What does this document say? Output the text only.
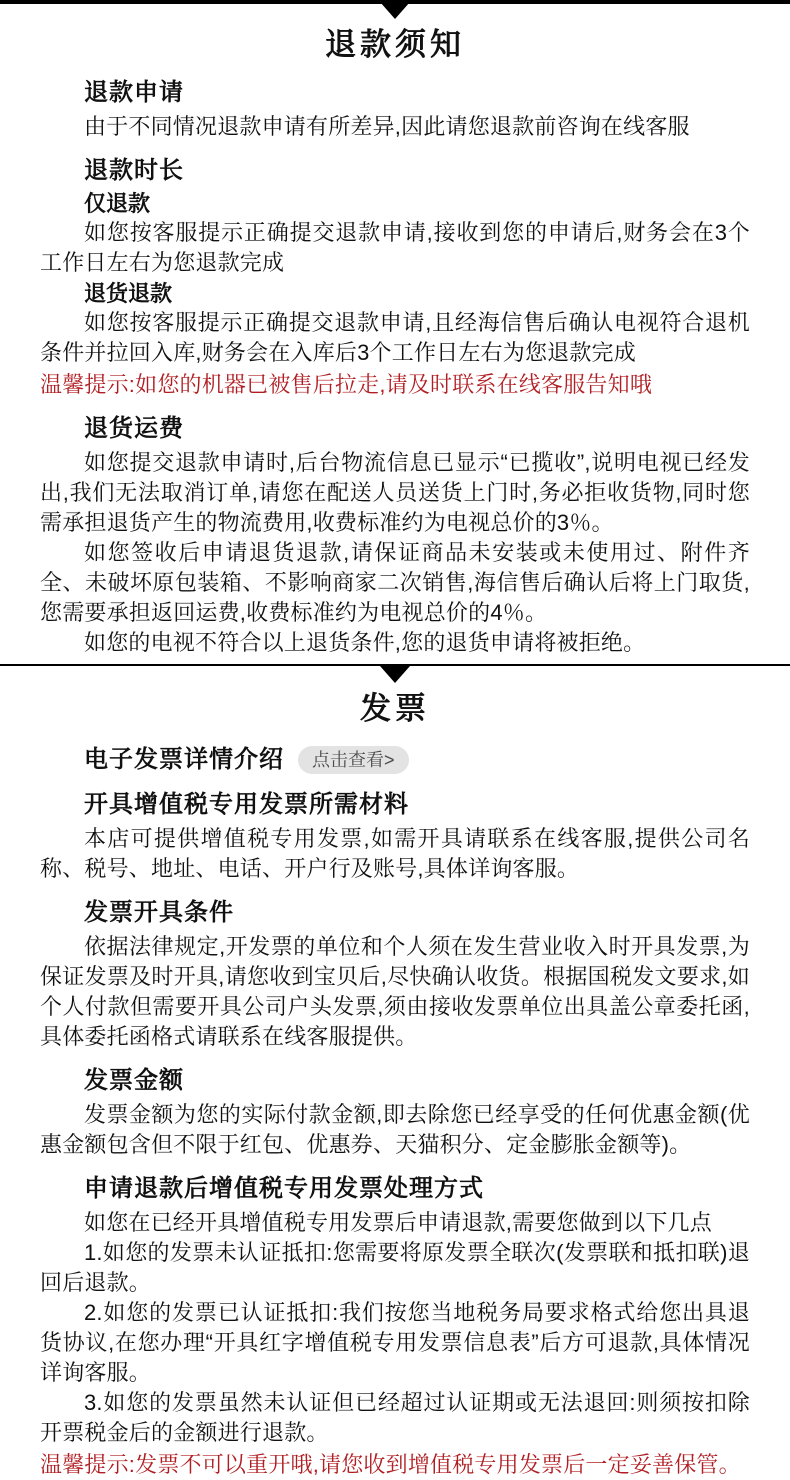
退款须知
退款申请

由于不同情况退款申请有所差异,因此请您退款前咨询在线客服

退款时长
仅退款

如您按客服提示正确提交退款申请,接收到您的申请后,财务会在3个工作日左右为您退款完成

退货退款

如您按客服提示正确提交退款申请,且经海信售后确认电视符合退机条件并拉回入库,财务会在入库后3个工作日左右为您退款完成

温馨提示:如您的机器已被售后拉走,请及时联系在线客服告知哦

退货运费

如您提交退款申请时,后台物流信息已显示“已揽收”,说明电视已经发出,我们无法取消订单,请您在配送人员送货上门时,务必拒收货物,同时您需承担退货产生的物流费用,收费标准约为电视总价的3％。

如您签收后申请退货退款,请保证商品未安装或未使用过、附件齐全、未破坏原包装箱、不影响商家二次销售,海信售后确认后将上门取货,您需要承担返回运费,收费标准约为电视总价的4％。

如您的电视不符合以上退货条件,您的退货申请将被拒绝。

发票
电子发票详情介绍	点击查看>
开具增值税专用发票所需材料

本店可提供增值税专用发票,如需开具请联系在线客服,提供公司名称、税号、地址、电话、开户行及账号,具体详询客服。

发票开具条件

依据法律规定,开发票的单位和个人须在发生营业收入时开具发票,为保证发票及时开具,请您收到宝贝后,尽快确认收货。根据国税发文要求,如个人付款但需要开具公司户头发票,须由接收发票单位出具盖公章委托函,具体委托函格式请联系在线客服提供。

发票金额

发票金额为您的实际付款金额,即去除您已经享受的任何优惠金额(优惠金额包含但不限于红包、优惠券、天猫积分、定金膨胀金额等)。

申请退款后增值税专用发票处理方式

如您在已经开具增值税专用发票后申请退款,需要您做到以下几点

1.如您的发票未认证抵扣:您需要将原发票全联次(发票联和抵扣联)退回后退款。

2.如您的发票已认证抵扣:我们按您当地税务局要求格式给您出具退货协议,在您办理“开具红字增值税专用发票信息表”后方可退款,具体情况详询客服。

3.如您的发票虽然未认证但已经超过认证期或无法退回:则须按扣除开票税金后的金额进行退款。

温馨提示:发票不可以重开哦,请您收到增值税专用发票后一定妥善保管。
